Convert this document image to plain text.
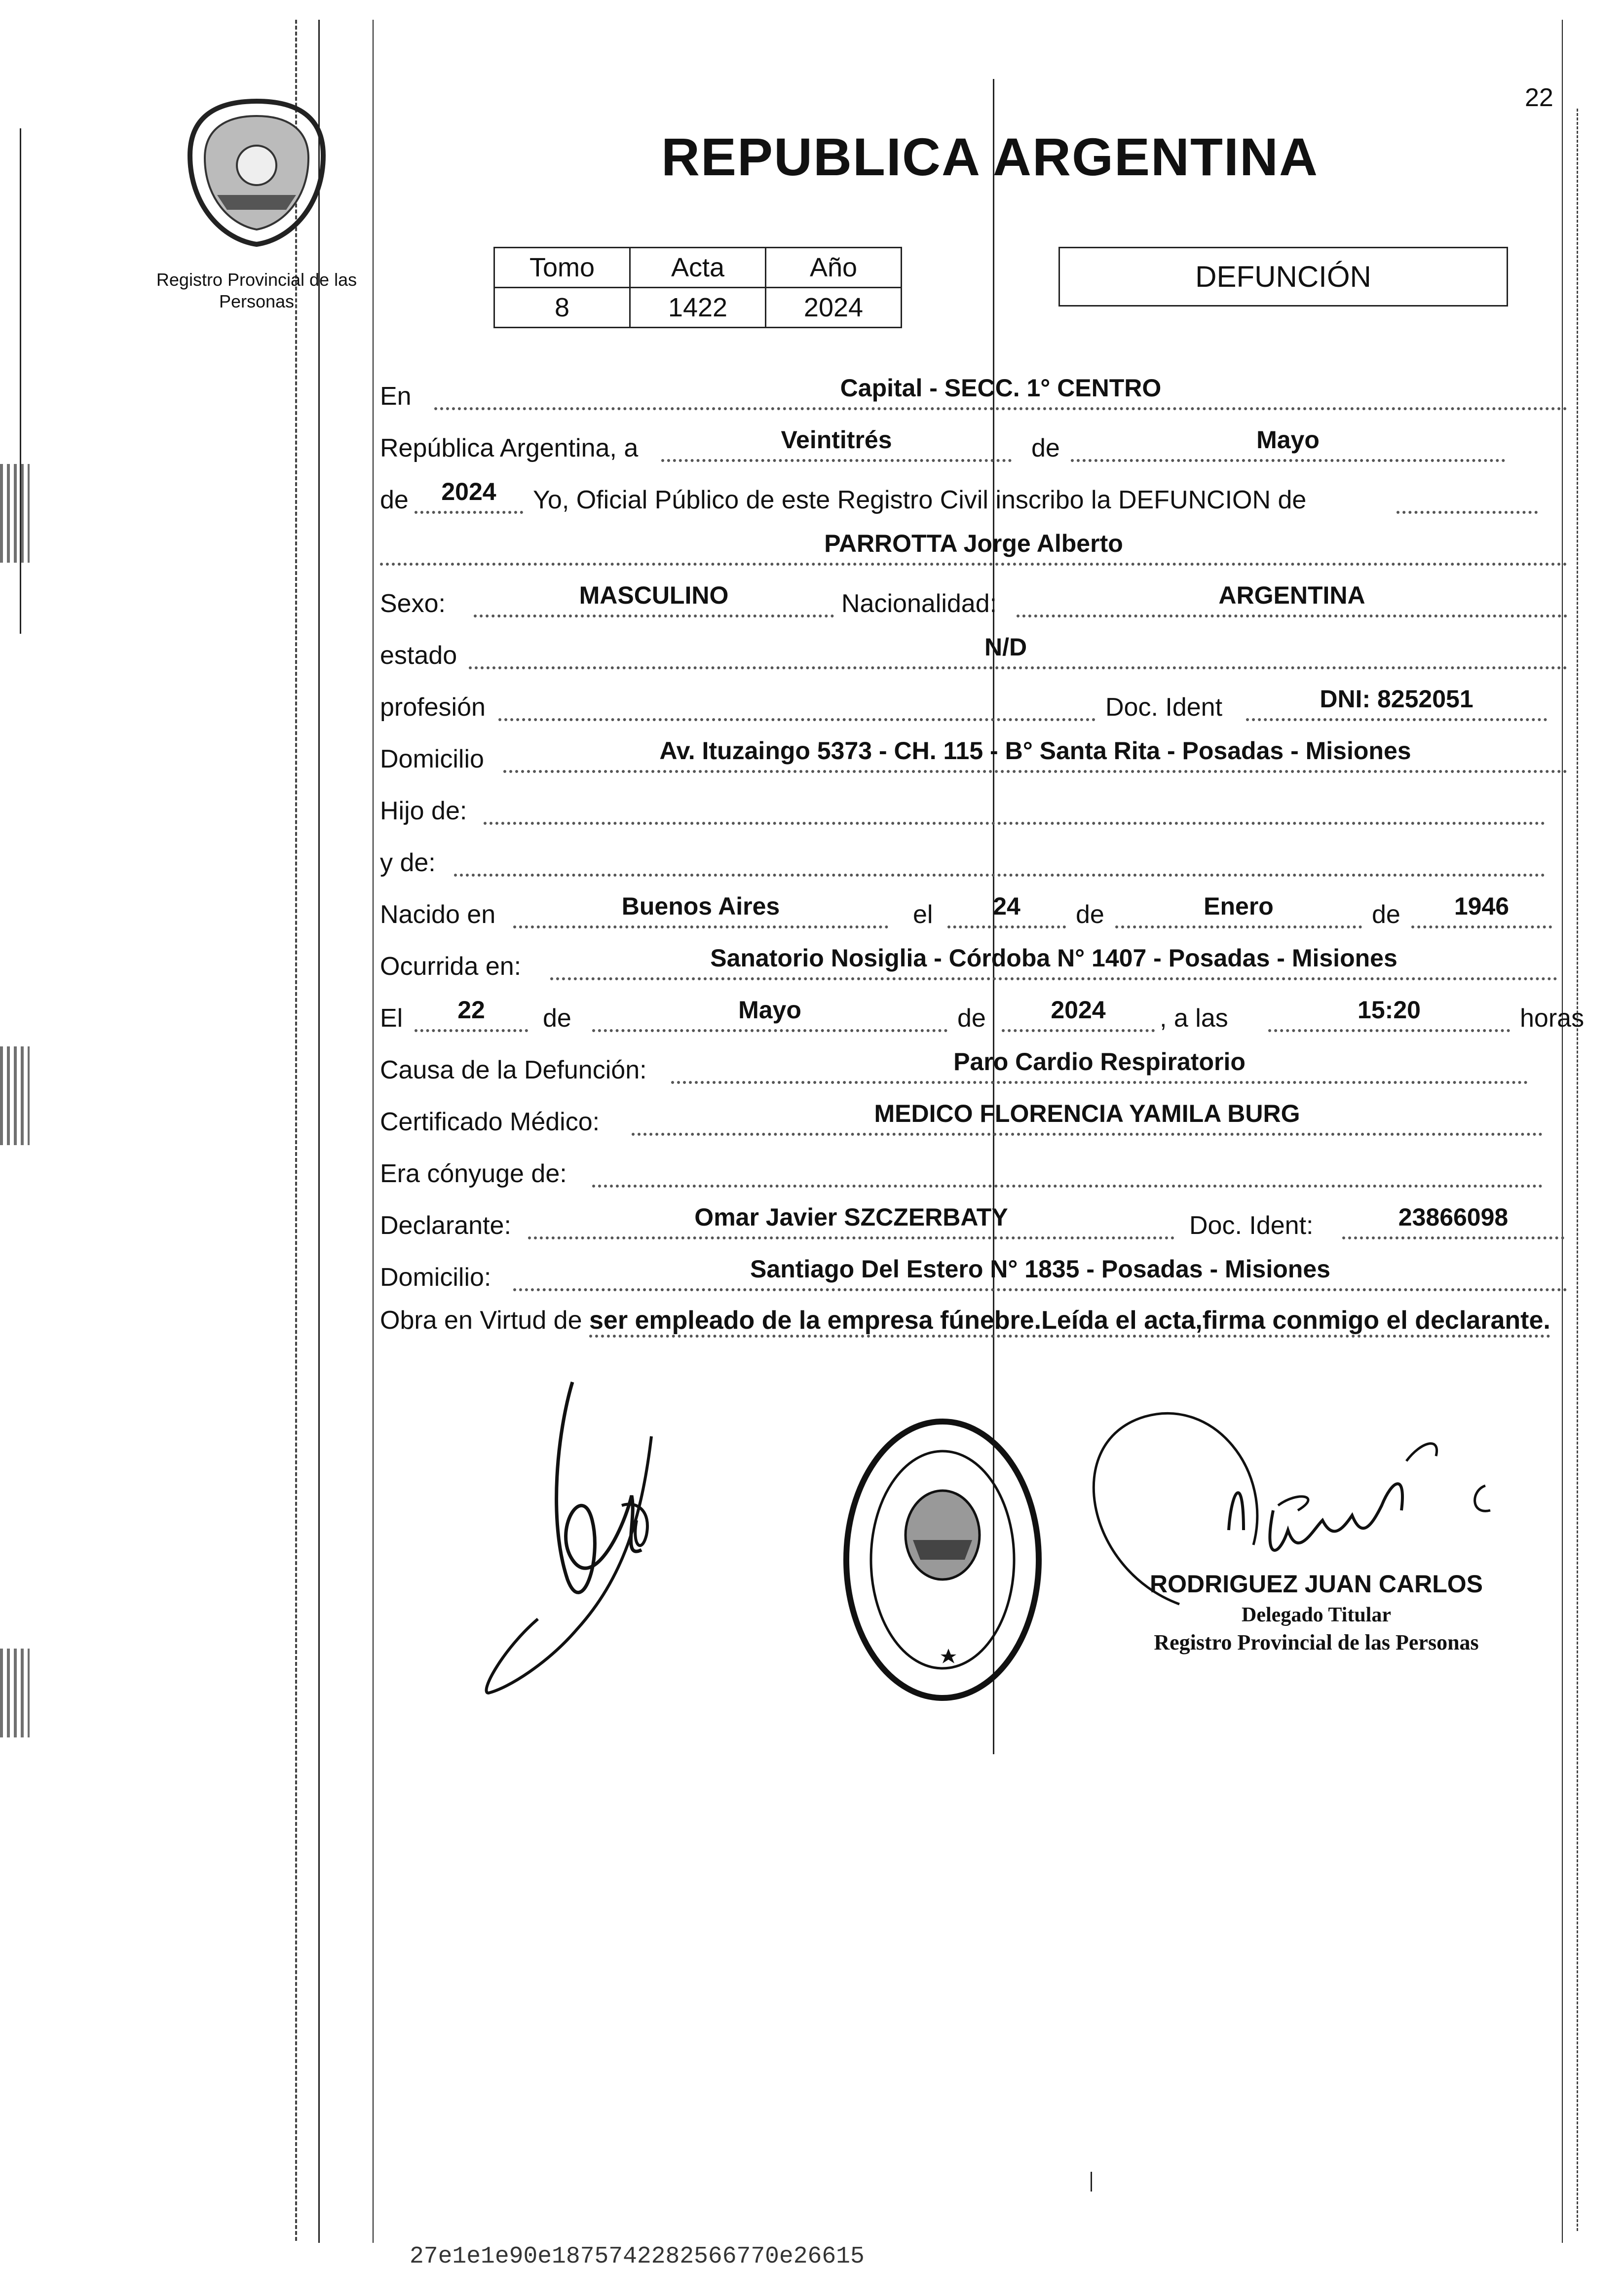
22
Registro Provincial de las Personas
REPUBLICA ARGENTINA
Tomo	Acta	Año
8	1422	2024
DEFUNCIÓN
En	Capital - SECC. 1° CENTRO
República Argentina, a	Veintitrés	de	Mayo
de	2024	Yo, Oficial Público de este Registro Civil inscribo la DEFUNCION de
PARROTTA Jorge Alberto
Sexo:	MASCULINO	Nacionalidad:	ARGENTINA
estado	N/D
profesión	Doc. Ident	DNI: 8252051
Domicilio	Av. Ituzaingo 5373 - CH. 115 - B° Santa Rita - Posadas - Misiones
Hijo de:
y de:
Nacido en	Buenos Aires	el	24	de	Enero	de	1946
Ocurrida en:	Sanatorio Nosiglia - Córdoba N° 1407 - Posadas - Misiones
El	22	de	Mayo	de	2024	, a las	15:20	horas
Causa de la Defunción:	Paro Cardio Respiratorio
Certificado Médico:	MEDICO FLORENCIA YAMILA BURG
Era cónyuge de:
Declarante:	Omar Javier SZCZERBATY	Doc. Ident:	23866098
Domicilio:	Santiago Del Estero N° 1835 - Posadas - Misiones
Obra en Virtud de ser empleado de la empresa fúnebre.Leída el acta,firma conmigo el declarante.
RODRIGUEZ JUAN CARLOS
Delegado Titular
Registro Provincial de las Personas
27e1e1e90e1875742282566770e26615
